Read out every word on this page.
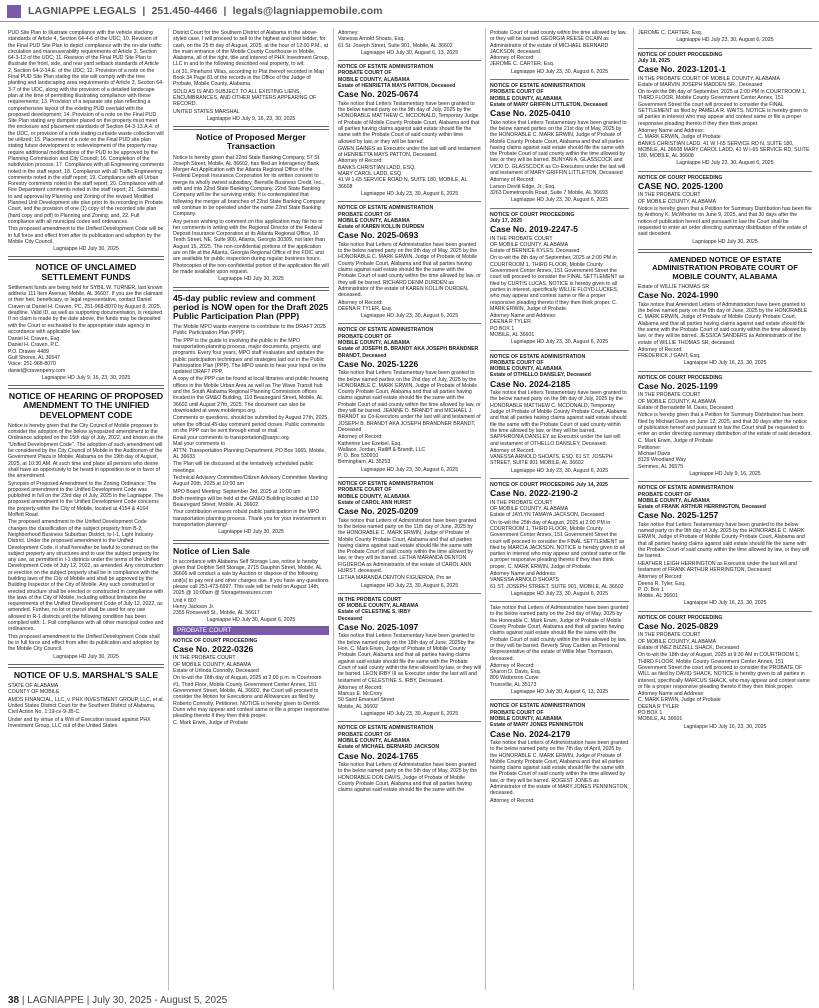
LAGNIAPPE LEGALS  |  251.450-4466  |  legals@lagniappemobile.com

PUD Site Plan to illustrate compliance with the vehicle stacking standards of Article 4, Section 64-4-6 of the UDC; 10. Revision of the Final PUD Site Plan to depict compliance with the on-site traffic circulation and maneuverability requirements of Article 3, Section 64-3-12 of the UDC; 11. Revision of the Final PUD Site Plan to illustrate the front, side, and rear yard setback standards of Article 2, Section 64-2-14.E. of the UDC; 12. Provision of a note on the Final PUD Site Plan stating the site will comply with the tree planting and landscaping area requirements of Article 3, Section 64-3-7 of the UDC, along with the provision of a detailed landscape plan at the time of permitting illustrating compliance with these requirements; 13. Provision of a separate site plan reflecting a comprehensive layout of the existing PUD overlaid with the proposed development; 14. Provision of a note on the Final PUD Site Plan stating any dumpster placed on the property must meet the enclosure and placement standards of Section 64-3-13.A.4. of the UDC, or provision of a note stating curbside waste collection will be utilized; 15. Placement of a note on the Final PUD site plan stating future development or redevelopment of the property may require additional modifications of the PUD to be approved by the Planning Commission and City Council; 16. Completion of the subdivision process; 17. Compliance with all Engineering comments noted in the staff report; 18. Compliance with all Traffic Engineering comments noted in the staff report; 19. Compliance with all Urban Forestry comments noted in the staff report; 20. Compliance with all Fire Department comments noted in the staff report; 21. Submittal to and approval by Planning and Zoning of the revised Modified Planned Unit Development site plan prior to its recording in Probate Court, and the provision of one (1) copy of the recorded site plan (hard copy and pdf) to Planning and Zoning; and, 22. Full compliance with all municipal codes and ordinances.

This proposed amendment to the Unified Development Code will be in full force and effect from after its publication and adoption by the Mobile City Council.

Lagniappe HD July 30, 2025

NOTICE OF UNCLAIMED SETTLEMENT FUNDS

Settlement funds are being held for SYBIL W. TURNER, last known address 111 Item Avenue, Mobile, AL 36607. If you are the claimant or their heir, beneficiary, or legal representative, contact Daniel Craven at Daniel H. Craven, PC, 251-968-8070 by August 8, 2025, deadline. Valid ID, as well as supporting documentation, is required. If no claim is made by the date above, the funds may be deposited with the Court or escheated to the appropriate state agency in accordance with applicable law.

Daniel H. Craven, Esq.
Daniel H. Craven, P.C.
P.O. Drawer 4489
Gulf Shores, AL 36547
Voice: 251-968-8070
daniel@cravenperry.com

Lagniappe HD July 9, 16, 23, 30, 2025

NOTICE OF HEARING OF PROPOSED AMENDMENT TO THE UNIFIED DEVELOPMENT CODE

Notice is hereby given that the City Council of Mobile proposes to consider the adoption of the below synopsized amendment to the Ordinance adopted on the 15th day of July, 2022, and known as the "Unified Development Code". The adoption of such amendment will be considered by the City Council of Mobile in the Auditorium of the Government Plaza in Mobile, Alabama on the 19th day of August, 2025, at 10:30 AM. At such time and place all persons who desire shall have an opportunity to be heard in opposition to or in favor of the amendment.

Synopsis of Proposed Amendment to the Zoning Ordinance: The proposed amendment to the Unified Development Code was published in full on the 23rd day of July, 2025 in the Lagniappe. The proposed amendment to the Unified Development Code concerns the property within the City of Mobile, located at 4154 & 4164 Moffett Road.

The proposed amendment to the Unified Development Code changes the classification of the subject property from B-2, Neighborhood Business Suburban District, to I-1, Light Industry District. Under the proposed amendment to the Unified Development Code, it shall hereafter be lawful to construct on the subject property any structures and to use the subject property for any use, as permitted in I-1 districts under the terms of the Unified Development Code of July 12, 2022, as amended. Any construction or erection on the subject property shall be in compliance with the building laws of the City of Mobile and shall be approved by the Building Inspector of the City of Mobile. Any such constructed or erected structure shall be erected or constructed in compliance with the laws of the City of Mobile, including without limitation the requirements of the Unified Development Code of July 12, 2022, as amended. Further, no lot or parcel shall be used for any use allowed in R-1 districts until the following condition has been complied with: 1. Full compliance with all other municipal codes and ordinances.

This proposed amendment to the Unified Development Code shall be in full force and effect from after its publication and adoption by the Mobile City Council.

Lagniappe HD July 30, 2025

NOTICE OF U.S. MARSHAL'S SALE

STATE OF ALABAMA
COUNTY OF MOBILE

AMOS FINANCIAL, LLC, v. PHX INVESTMENT GROUP, LLC, et al. United States District Court for the Southern District of Alabama, Civil Action No. 1:19-cv-9-JB-C.

Under and by virtue of a Writ of Execution issued against PHX Investment Group, LLC out of the United States

District Court for the Southern District of Alabama in the above-styled case, I will proceed to sell to the highest and best bidder, for cash, on the 25 th day of August, 2025, at the hour of 12:00 P.M., at the main entrance of the Mobile County Courthouse in Mobile, Alabama, all of the right, title and interest of PHX Investment Group, LLC in and to the following described real property, to wit:

Lot 31, Pinehurst Villas, according to Plat thereof recorded in Map Book 34 Page 81 of the records in the Office of the Judge of Probate, Mobile County, Alabama.

SOLD AS IS AND SUBJECT TO ALL EXISTING LIENS, ENCUMBRANCES, AND OTHER MATTERS APPEARING OF RECORD.

UNITED STATES MARSHAL

Lagniappe HD July 9, 16, 23, 30, 2025

Notice of Proposed Merger Transaction

Notice is hereby given that 22nd State Banking Company, 57 St. Joseph Street, Mobile, AL 36602, has filed an Interagency Bank Merger Act Application with the Atlanta Regional Office of the Federal Deposit Insurance Corporation for its written consent to merge its wholly owned subsidiary, Bienville Business Credit, Inc., with and into 22nd State Banking Company. 22nd State Banking Company will be the surviving entity. It is contemplated that following the merger all branches of 22nd State Banking Company will continue to be operated under the name 22nd State Banking Company.

Any person wishing to comment on this application may file his or her comments in writing with the Regional Director of the Federal Deposit Insurance Corporation at its Atlanta Regional Office, 10 Tenth Street, NE, Suite 900, Atlanta, Georgia 30309, not later than August 15, 2025. The non-confidential portions of the application are on file at the Atlanta, Georgia Regional Office of the FDIC and are available for public inspection during regular business hours. Photocopies of the non-confidential portion of the application file will be made available upon request.

Lagniappe HD July 30, 2025

45-day public review and comment period is NOW open for the Draft 2025 Public Participation Plan (PPP)

The Mobile MPO wants everyone to contribute to the DRAFT 2025 Public Participation Plan (PPP).

The PPP is the guide to involving the public in the MPO transportation planning process, major documents, projects, and programs. Every four years, MPO staff evaluates and updates the public participation techniques and strategies laid out in the Public Participation Plan (PPP). The MPO wants to hear your input on the updated DRAFT PPP.

A copy of the PPP can be found at local libraries and public housing offices in the Mobile Urban Area as well as The Wave Transit hub and the South Alabama Regional Planning Commission offices located in the GM&O Building, 110 Beauregard Street, Mobile, AL 36602 until August 27th, 2025. The document can also be downloaded at www.mobilempo.org.

Comments or questions, should be submitted by August 27th, 2025, when the official 45-day comment period closes. Public comments on the PPP can be sent through email or mail.

Email your comments to transportation@sarpc.org.
Mail your comments to
ATTN: Transportation Planning Department, PO Box 1665, Mobile, AL 36633

The Plan will be discussed at the tentatively scheduled public meetings:

Technical Advisory Committee/Citizen Advisory Committee Meeting: August 20th, 2025 at 10:00 am

MPO Board Meeting: September 3rd, 2025 at 10:00 am

Both meetings will be held at the GM&O Building located at 110 Beauregard Street, Mobile, AL 36602.

Your contribution ensures robust public participation in the MPO transportation planning process. Thank you for your involvement in transportation planning!

Lagniappe HD July 30, 2025

Notice of Lien Sale

In accordance with Alabama Self Storage Law, notice is hereby given that Dolphin Self Storage, 2715 Dauphin Street, Mobile, AL 36606 will conduct a sale by Auction or dispose of the following unit(s) to pay rent and other charges due. If you have any questions please call 251-473-6997. This sale will be held on August 14th, 2025 @ 10:00am @ Storagetreasures.com

Unit # 807
Henry Jackson Jr.
2355 Roosevelt St., Mobile, AL 36617

Lagniappe HD July 30, August 6, 2025

PROBATE COURT

NOTICE OF COURT PROCEEDING

Case No. 2022-0326

IN THE PROBATE COURT
OF MOBILE COUNTY, ALABAMA
Estate of Urlinda Connolly, Deceased

On to-wit the 18th day of August, 2025 at 2:00 p.m. in Courtroom #1, Third Floor, Mobile County Government Center Annex, 151 Government Street, Mobile, AL 36602, the Court will proceed to consider the Motion for Executions and Allowances as filed by Roberto Connolly, Petitioner. NOTICE is hereby given to Derrick Dunn who may appear and contest same or file a proper responsive pleading thereto if they then think proper.

C. Mark Erwin, Judge of Probate

Attorney:
Vanessa Arnold Shoats, Esq.
61 St. Joseph Street, Suite 901, Mobile, AL 36602

Lagniappe HD July 30, August 6, 13, 2025

NOTICE OF ESTATE ADMINISTRATION
PROBATE COURT OF
MOBILE COUNTY, ALABAMA
Estate of HENRIETTA MAYS PATTON, Deceased

Case No. 2025-0674

Take notice that Letters Testamentary have been granted to the below named party on the 9th day of July, 2025 by the HONORABLE MATTHEW C. MCDONALD, Temporary Judge of Probate of Mobile County Probate Court, Alabama and that all parties having claims against said estate should file the same with the Probate Court of said county within time allowed by law, or they will be barred.

GWEN GAINES as Executrix under the last will and testament of HENRIETTA MAYS PATTON, Deceased.
Attorney of Record:
BANKS CHRISTIAN LADD, ESQ.
MARY CAROL LADD, ESQ.
41 W 1-65 SERVICE ROAD N, SUITE 180, MOBILE, AL 36608

Lagniappe HD July 23, 30, August 6, 2025

NOTICE OF ESTATE ADMINISTRATION
PROBATE COURT OF
MOBILE COUNTY, ALABAMA
Estate of KAREN KOLLIN DURDEN

Case No. 2025-0693

Take notice that Letters of Administration have been granted to the below named party on the 9th day of May, 2025 by the HONORABLE C. MARK ERWIN, Judge of Probate of Mobile County Probate Court, Alabama and that all parties having claims against said estate should file the same with the Probate Court of said county within the time allowed by law, or they will be barred. RICHARD DENM DURDEN as Administrator of the estate of KAREN KOLLIN DURDEN, deceased.

Attorney of Record:
DEENA R TYLER, Esq.

Lagniappe HD July 23, 30, August 6, 2025

NOTICE OF ESTATE ADMINISTRATION
PROBATE COURT OF
MOBILE COUNTY, ALABAMA
Estate of JOSEPH B. BRANDT AKA JOSEPH BRANDNER BRANDT, Deceased

Case No. 2025-1226

Take notice that Letters Testamentary have been granted to the below named parties on the 2nd day of July, 2025 by the HONORABLE C. MARK ERWIN, Judge of Probate of Mobile County Probate Court, Alabama and that all parties having claims against said estate should file the same with the Probate Court of said county within the time allowed by law, or they will be barred. JEANNE D. BRANDT and MICHAEL J. BRANDT as Co-Executors under the last will and testament of JOSEPH B. BRANDT AKA JOSEPH BRANDNER BRANDT, Deceased

Attorney of Record:
Katherine Lee Ezekiel, Esq.
Wallace, Jordan, Ratliff & Brandt, LLC
P. O. Box 530910
Birmingham, AL 35253

Lagniappe HD July 23, 30, August 6, 2025

NOTICE OF ESTATE ADMINISTRATION
PROBATE COURT OF
MOBILE COUNTY, ALABAMA
Estate of CAROL ANN HURST

Case No. 2025-0209

Take notice that Letters of Administration have been granted to the below named party on the 11th day of June, 2025 by the HONORABLE C. MARK ERWIN, Judge of Probate of Mobile County Probate Court, Alabama and that all parties having claims against said estate should file the same with the Probate Court of said county within the time allowed by law, or they will be barred. LETHA MARANDA DENTON FIGUEROA as Administratrix of the estate of CAROL ANN HURST, deceased.

LETHA MARANDA DENTON FIGUEROA, Pro se

Lagniappe HD July 23, 30, August 6, 2025

IN THE PROBATE COURT
OF MOBILE COUNTY, ALABAMA
Estate of CELESTINE S. IRBY
Deceased

Case No. 2025-1097

Take notice that Letters Testamentary have been granted to the below named party on the 18th day of June, 2025by the Hon. C. Mark Erwin, Judge of Probate of Mobile County Probate Court, Alabama and that all parties having claims against said estate should file the same with the Probate Court of said county within the time allowed by law, or they will be barred. LEON IRBY III as Executor under the last will and testament of CELESTINE S. IRBY, Deceased.

Attorney of Record:
Marcus E. McCrory
50 Saint Emanuel Street
Mobile, AL 36602

Lagniappe HD July 23, 30, August 6, 2025

NOTICE OF ESTATE ADMINISTRATION
PROBATE COURT OF
MOBILE COUNTY, ALABAMA
Estate of MICHAEL BERNARD JACKSON

Case No. 2024-1765

Take notice that Letters of Administration have been granted to the below named party on the 5th day of May, 2025 by the HONORABLE DON DAVIS, Judge of Probate of Mobile County Probate Court, Alabama and that all parties having claims against said estate should file the same with the

Probate Court of said county within the time allowed by law, or they will be barred. GEORGIA REESE OCAIN as Administratrix of the estate of MICHAEL BERNARD JACKSON, deceased.
Attorney of Record:
JEROME C. CARTER, Esq.

Lagniappe HD July 23, 30, August 6, 2025

NOTICE OF ESTATE ADMINISTRATION
PROBATE COURT OF
MOBILE COUNTY, ALABAMA
Estate of MARY GRIFFIN LITTLETON, Deceased

Case No. 2025-0410

Take notice that Letters Testamentary have been granted to the below named parties on the 21st day of May, 2025 by the HONORABLE C. MARK ERWIN, Judge of Probate of Mobile County Probate Court, Alabama and that all parties having claims against said estate should file the same with the Probate Court of said county within the time allowed by law, or they will be barred. BUNYAN A. GLASSCOCK and VICKI D. GLASSCOCK as Co-Executors under the last will and testament of MARY GRIFFIN LITTLETON, Deceased

Attorney of Record:
Larson Devitt Edge, Jr., Esq.
3263 Demetropolis Road, Suite 7 Mobile, AL 36693

Lagniappe HD July 23, 30, August 6, 2025

NOTICE OF COURT PROCEEDING
July 17, 2025

Case No. 2019-2247-5

IN THE PROBATE COURT
OF MOBILE COUNTY, ALABAMA
Estate of BERNICE KYLES, Deceased

On to-wit the 8th day of September, 2025 at 2:00 PM in COURTROOM 1, THIRD FLOOR, Mobile County Government Center Annex, 151 Government Street the court will proceed to consider the FINAL SETTLEMENT as filed by CURTIS LUCAS. NOTICE is hereby given to all parties in interest, specifically WILLIE FLOYD LUCKES, who may appear and contest same or file a proper responsive pleading thereto if they then think proper. C. MARK ERWIN, Judge of Probate.

Attorney Name and Address:
DEENA R TYLER
PO BOX 1
MOBILE, AL 36601

Lagniappe HD July 23, 30, August 6, 2025

NOTICE OF ESTATE ADMINISTRATION
PROBATE COURT OF
MOBILE COUNTY, ALABAMA
Estate of OTHELLO DANSLEY, Deceased

Case No. 2024-2185

Take notice that Letters Testamentary have been granted to the below named party on the 9th day of July, 2025 by the HONORABLE MATTHEW C. MCDONALD, Temporary Judge of Probate of Mobile County Probate Court, Alabama and that all parties having claims against said estate should file the same with the Probate Court of said county within the time allowed by law, or they will be barred. SAPPHRONIA DANSLEY as Executrix under the last will and testament of OTHELLO DANSLEY, Deceased.

Attorney of Record:
VANESSA ARNOLD SHOATS, ESQ. 61 ST. JOSEPH STREET, SUITE 901 MOBILE, AL 36602

Lagniappe HD July 23, 30, August 6, 2025

NOTICE OF COURT PROCEEDING July 14, 2025

Case No. 2022-2190-2

IN THE PROBATE COURT
OF MOBILE COUNTY, ALABAMA
Estate of JAYLYN TAMAYA JACKSON, Deceased

On to-wit the 25th day of August, 2025 at 2:00 PM in COURTROOM 1, THIRD FLOOR, Mobile County Government Center Annex, 151 Government Street the court will proceed to consider the FINAL SETTLEMENT as filed by MARCIA JACKSON. NOTICE is hereby given to all parties in interest who may appear and contest same or file a proper responsive pleading thereto if they then think proper. C. MARK ERWIN, Judge of Probate.

Attorney Name and Address:
VANESSA ARNOLD SHOATS
61 ST. JOSEPH STREET, SUITE 901, MOBILE, AL 36602

Lagniappe HD July 23, 30, August 6, 2025

Take notice that Letters of Administration have been granted to the below named party on the 2nd day of May, 2025 by the Honorable C. Mark Erwin, Judge of Probate of Mobile County Probate Court, Alabama and that all parties having claims against said estate should file the same with the Probate Court of said county within the time allowed by law, or they will be barred. Beverly Shay Carden as Personal Representative of the estate of Willie Mae Thomason, deceased.

Attorney of Record:
Sharon D. Davis, Esq.
800 Watterson Curve
Trussville, AL 35173

Lagniappe HD July 30, August 6, 13, 2025

NOTICE OF ESTATE ADMINISTRATION
PROBATE COURT OF
MOBILE COUNTY, ALABAMA
Estate of MARY JONES PENNINGTON

Case No. 2024-2179

Take notice that Letters of Administration have been granted to the below named party on the 7th day of April, 2025 by the HONORABLE C. MARK ERWIN, Judge of Probate of Mobile County Probate Court, Alabama and that all parties having claims against said estate should file the same with the Probate Court of said county within the time allowed by law, or they will be barred. ROGEST JONES as Administrator of the estate of MARY JONES PENNINGTON, deceased.

Attorney of Record:

JEROME C. CARTER, Esq.

Lagniappe HD July 23, 30, August 6, 2025

NOTICE OF COURT PROCEEDING
July 18, 2025

Case No. 2023-1201-1

IN THE PROBATE COURT OF MOBILE COUNTY, ALABAMA
Estate of MARVIN JOSEPH MADDEN SR., Deceased

On to-wit the 8th day of September, 2025 at 2:00 PM in COURTROOM 1, THIRD FLOOR, Mobile County Government Center Annex, 151 Government Street the court will proceed to consider the FINAL SETTLEMENT as filed by PAMELA R. WAITS. NOTICE is hereby given to all parties in interest who may appear and contest same or file a proper responsive pleading thereto if they then think proper.

Attorney Name and Address:
C. MARK ERWIN, Judge of Probate
BANKS CHRISTIAN LADD, 41 W I-65 SERVICE RD N, SUITE 180, MOBILE, AL 36608 MARY CAROL LADD, 41 W I-65 SERVICE RD, SUITE 180, MOBILE, AL 36608

Lagniappe HD July 23, 30, August 6, 2025

NOTICE OF COURT PROCEEDING

CASE NO. 2025-1200

IN THE PROBATE COURT
OF MOBILE COUNTY, ALABAMA

Notice is hereby given that a Petition for Summary Distribution has been file by Anthony K. McWhorter on June 9, 2025, and that 30 days after the notice of publication hereof and pursuant to law the Court shall be requested to enter an order directing summary distribution of the estate of said decedent.

Lagniappe HD July 30, 2025

AMENDED NOTICE OF ESTATE ADMINISTRATION PROBATE COURT OF MOBILE COUNTY, ALABAMA

Estate of WILLIE THOMAS SR

Case No. 2024-1990

Take notice that Amended Letters of Administration have been granted to the below named party on the 9th day of June, 2025 by the HONORABLE C. MARK ERWIN, Judge of Probate of Mobile County Probate Court, Alabama and that all parties having claims against said estate should file the same with the Probate Court of said county within the time allowed by law, or they will be barred. JESSICA SANDERS as Administratrix of the estate of WILLIE THOMAS SR, deceased.

Attorney of Record:
FREDERICK J GANT, Esq.

Lagniappe HD July 16, 23, 30, 2025

NOTICE OF COURT PROCEEDING

Case No. 2025-1199

IN THE PROBATE COURT
OF MOBILE COUNTY, ALABAMA
Estate of Bernadette M. Davis, Deceased

Notice is hereby given that a Petition for Summary Distribution has been filed by Michael Davis on June 12, 2025, and that 30 days after the notice of publication hereof and pursuant to law the Court shall be requested to enter an order directing summary distribution of the estate of said decedent. C. Mark Erwin, Judge of Probate

Petitioner:
Michael Davis
8129 Woodland Way
Semmes, AL 36575

Lagniappe HD July 9, 16, 2025

NOTICE OF ESTATE ADMINISTRATION
PROBATE COURT OF
MOBILE COUNTY, ALABAMA
Estate of FRANK ARTHUR HERRINGTON, Deceased

Case No. 2025-1257

Take notice that Letters Testamentary have been granted to the below named party on the 9th day of July, 2025 by the HONORABLE C. MARK ERWIN, Judge of Probate of Mobile County Probate Court, Alabama and that all parties having claims against said estate should file the same with the Probate Court of said county within the time allowed by law, or they will be barred.

HEATHER LEIGH HERRINGTON as Executrix under the last will and testament of FRANK ARTHUR HERRINGTON, Deceased

Attorney of Record:
Deena R. Tyler, Esq.
P. O. Box 1
Mobile, AL 36601

Lagniappe HD July 16, 23, 30, 2025

NOTICE OF COURT PROCEEDING

Case No. 2025-0829

IN THE PROBATE COURT
OF MOBILE COUNTY, ALABAMA
Estate of INEZ BIZZELL SHACK, Deceased

On to-wit the 18th day of August, 2025 at 9:30 AM in COURTROOM 1, THIRD FLOOR, Mobile County Government Center Annex, 151 Government Street the court will proceed to consider the PROBATE OF WILL as filed by DAVID SHACK. NOTICE is hereby given to all parties in interest, specifically MARCUS SHACK, who may appear and contest same or file a proper responsive pleading thereto if they then think proper.

Attorney Name and Address:
C. MARK ERWIN, Judge of Probate
DEENA R TYLER
PO BOX 1
MOBILE, AL 36601

Lagniappe HD July 16, 23, 30, 2025

38 | LAGNIAPPE | July 30, 2025 - August 5, 2025
